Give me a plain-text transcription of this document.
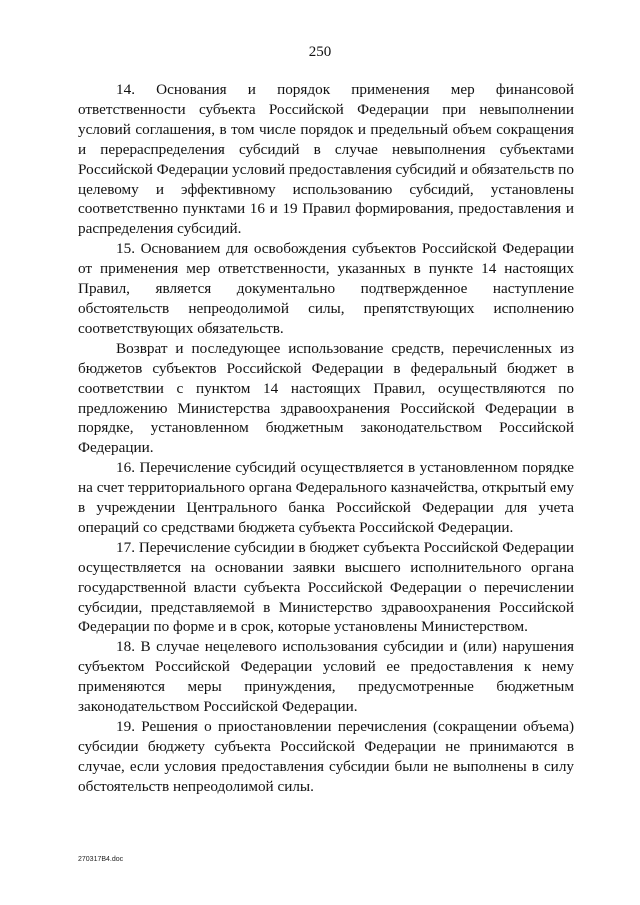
250

14. Основания и порядок применения мер финансовой ответственности субъекта Российской Федерации при невыполнении условий соглашения, в том числе порядок и предельный объем сокращения и перераспределения субсидий в случае невыполнения субъектами Российской Федерации условий предоставления субсидий и обязательств по целевому и эффективному использованию субсидий, установлены соответственно пунктами 16 и 19 Правил формирования, предоставления и распределения субсидий.

15. Основанием для освобождения субъектов Российской Федерации от применения мер ответственности, указанных в пункте 14 настоящих Правил, является документально подтвержденное наступление обстоятельств непреодолимой силы, препятствующих исполнению соответствующих обязательств.

Возврат и последующее использование средств, перечисленных из бюджетов субъектов Российской Федерации в федеральный бюджет в соответствии с пунктом 14 настоящих Правил, осуществляются по предложению Министерства здравоохранения Российской Федерации в порядке, установленном бюджетным законодательством Российской Федерации.

16. Перечисление субсидий осуществляется в установленном порядке на счет территориального органа Федерального казначейства, открытый ему в учреждении Центрального банка Российской Федерации для учета операций со средствами бюджета субъекта Российской Федерации.

17. Перечисление субсидии в бюджет субъекта Российской Федерации осуществляется на основании заявки высшего исполнительного органа государственной власти субъекта Российской Федерации о перечислении субсидии, представляемой в Министерство здравоохранения Российской Федерации по форме и в срок, которые установлены Министерством.

18. В случае нецелевого использования субсидии и (или) нарушения субъектом Российской Федерации условий ее предоставления к нему применяются меры принуждения, предусмотренные бюджетным законодательством Российской Федерации.

19. Решения о приостановлении перечисления (сокращении объема) субсидии бюджету субъекта Российской Федерации не принимаются в случае, если условия предоставления субсидии были не выполнены в силу обстоятельств непреодолимой силы.

270317B4.doc
